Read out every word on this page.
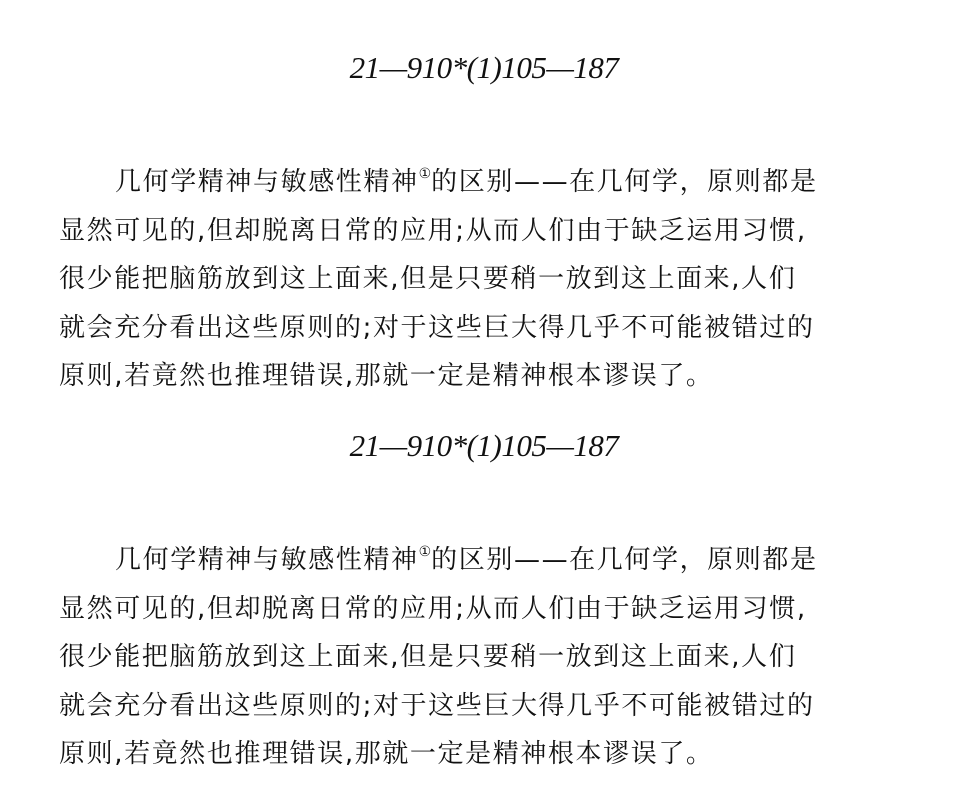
21—910*(1)105—187
几何学精神与敏感性精神①的区别——在几何学，原则都是
显然可见的,但却脱离日常的应用;从而人们由于缺乏运用习惯,
很少能把脑筋放到这上面来,但是只要稍一放到这上面来,人们
就会充分看出这些原则的;对于这些巨大得几乎不可能被错过的
原则,若竟然也推理错误,那就一定是精神根本谬误了。
21—910*(1)105—187
几何学精神与敏感性精神①的区别——在几何学，原则都是
显然可见的,但却脱离日常的应用;从而人们由于缺乏运用习惯,
很少能把脑筋放到这上面来,但是只要稍一放到这上面来,人们
就会充分看出这些原则的;对于这些巨大得几乎不可能被错过的
原则,若竟然也推理错误,那就一定是精神根本谬误了。
